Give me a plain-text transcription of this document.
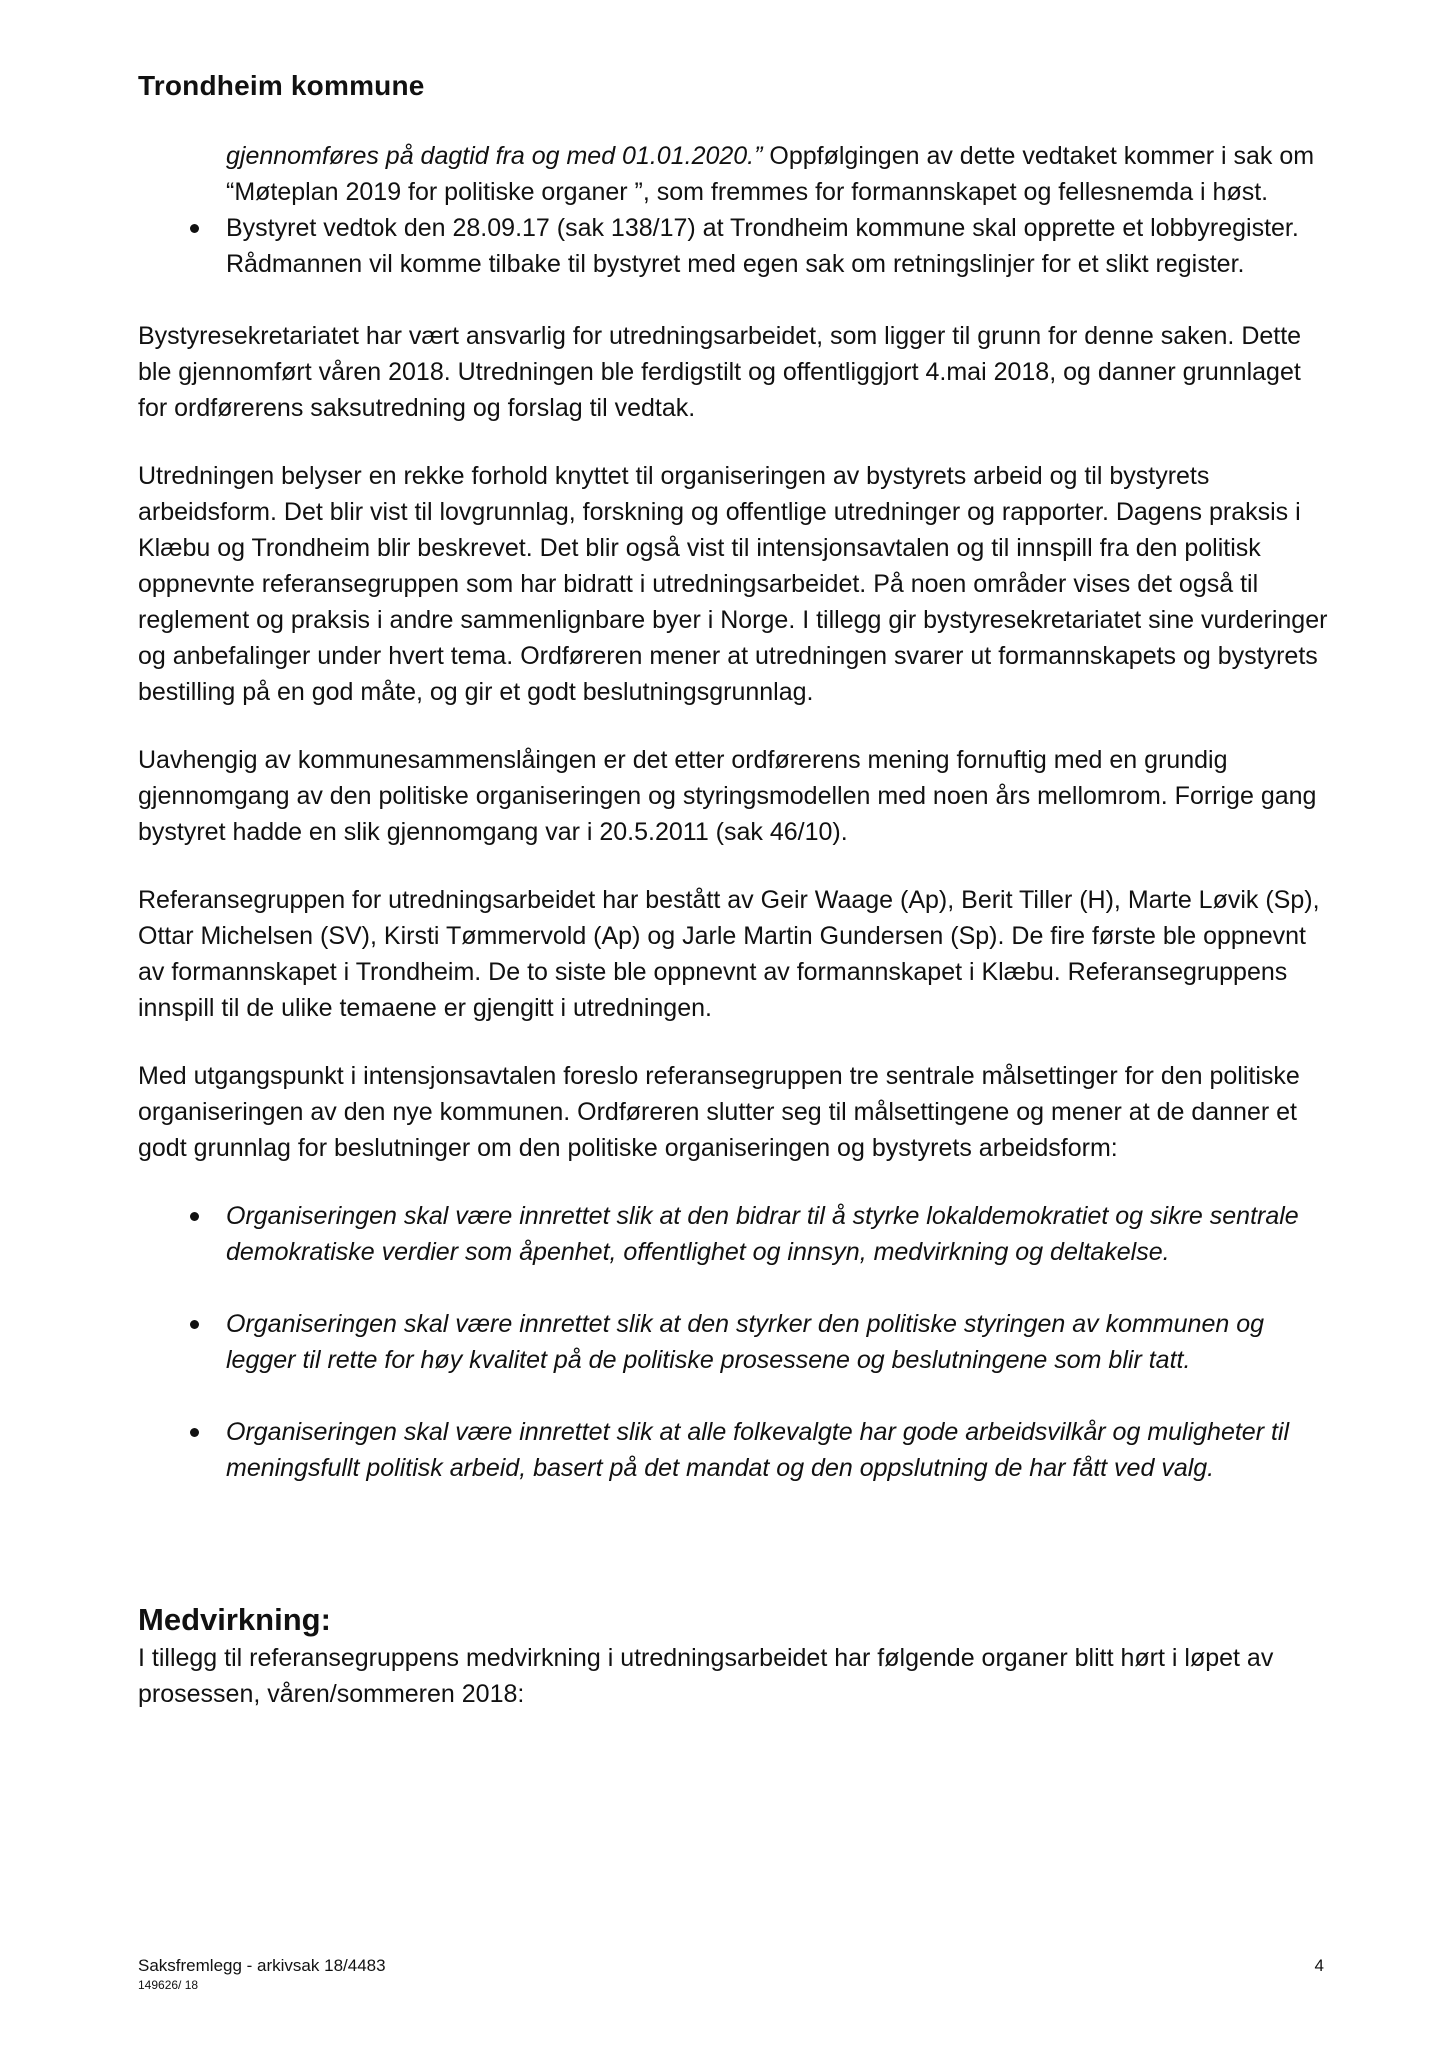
Trondheim kommune
gjennomføres på dagtid fra og med 01.01.2020.” Oppfølgingen av dette vedtaket kommer i sak om “Møteplan 2019 for politiske organer ”, som fremmes for formannskapet og fellesnemda i høst.
Bystyret vedtok den 28.09.17 (sak 138/17) at Trondheim kommune skal opprette et lobbyregister. Rådmannen vil komme tilbake til bystyret med egen sak om retningslinjer for et slikt register.

Bystyresekretariatet har vært ansvarlig for utredningsarbeidet, som ligger til grunn for denne saken. Dette ble gjennomført våren 2018. Utredningen ble ferdigstilt og offentliggjort 4.mai 2018, og danner grunnlaget for ordførerens saksutredning og forslag til vedtak.

Utredningen belyser en rekke forhold knyttet til organiseringen av bystyrets arbeid og til bystyrets arbeidsform. Det blir vist til lovgrunnlag, forskning og offentlige utredninger og rapporter. Dagens praksis i Klæbu og Trondheim blir beskrevet. Det blir også vist til intensjonsavtalen og til innspill fra den politisk oppnevnte referansegruppen som har bidratt i utredningsarbeidet. På noen områder vises det også til reglement og praksis i andre sammenlignbare byer i Norge. I tillegg gir bystyresekretariatet sine vurderinger og anbefalinger under hvert tema. Ordføreren mener at utredningen svarer ut formannskapets og bystyrets bestilling på en god måte, og gir et godt beslutningsgrunnlag.

Uavhengig av kommunesammenslåingen er det etter ordførerens mening fornuftig med en grundig gjennomgang av den politiske organiseringen og styringsmodellen med noen års mellomrom. Forrige gang bystyret hadde en slik gjennomgang var i 20.5.2011 (sak 46/10).

Referansegruppen for utredningsarbeidet har bestått av Geir Waage (Ap), Berit Tiller (H), Marte Løvik (Sp), Ottar Michelsen (SV), Kirsti Tømmervold (Ap) og Jarle Martin Gundersen (Sp). De fire første ble oppnevnt av formannskapet i Trondheim. De to siste ble oppnevnt av formannskapet i Klæbu. Referansegruppens innspill til de ulike temaene er gjengitt i utredningen.

Med utgangspunkt i intensjonsavtalen foreslo referansegruppen tre sentrale målsettinger for den politiske organiseringen av den nye kommunen. Ordføreren slutter seg til målsettingene og mener at de danner et godt grunnlag for beslutninger om den politiske organiseringen og bystyrets arbeidsform:

Organiseringen skal være innrettet slik at den bidrar til å styrke lokaldemokratiet og sikre sentrale demokratiske verdier som åpenhet, offentlighet og innsyn, medvirkning og deltakelse.
Organiseringen skal være innrettet slik at den styrker den politiske styringen av kommunen og legger til rette for høy kvalitet på de politiske prosessene og beslutningene som blir tatt.
Organiseringen skal være innrettet slik at alle folkevalgte har gode arbeidsvilkår og muligheter til meningsfullt politisk arbeid, basert på det mandat og den oppslutning de har fått ved valg.
Medvirkning:

I tillegg til referansegruppens medvirkning i utredningsarbeidet har følgende organer blitt hørt i løpet av prosessen, våren/sommeren 2018:

Saksfremlegg - arkivsak 18/4483
149626/ 18
4
